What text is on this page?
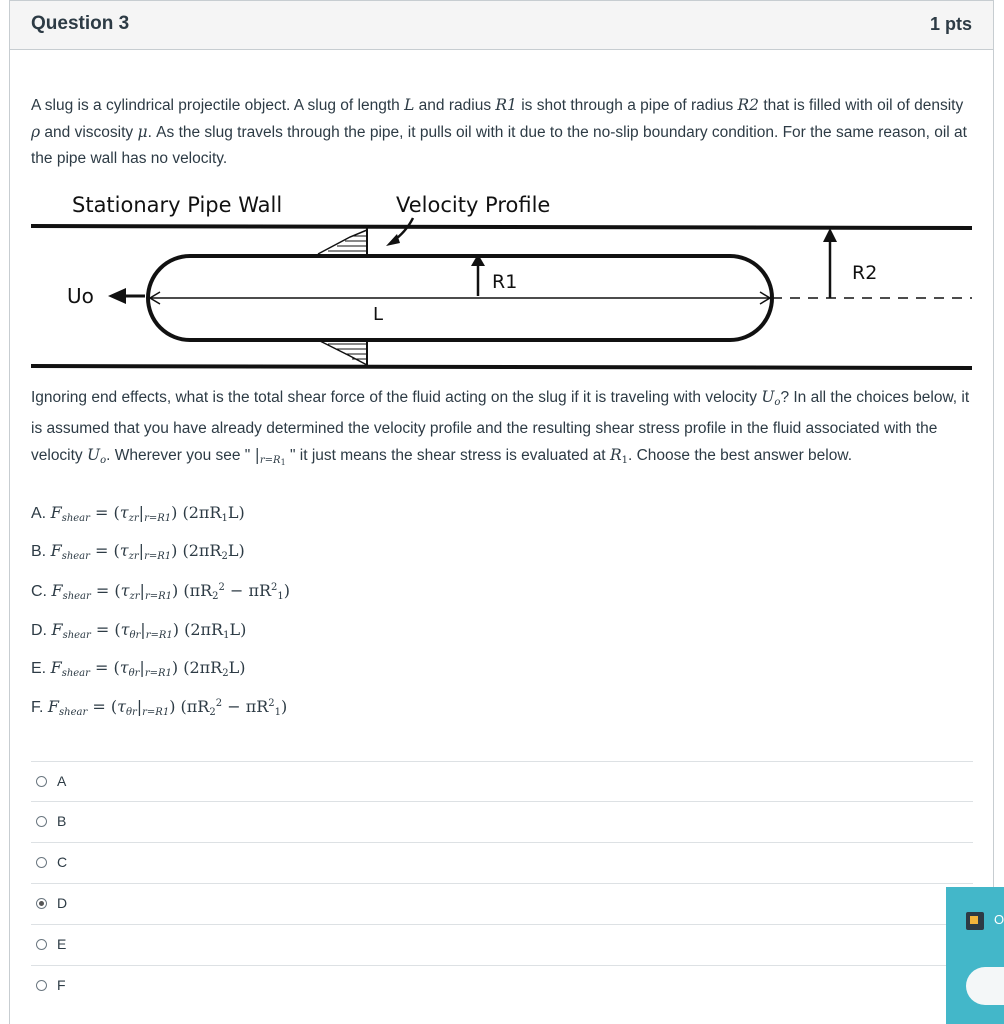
Question 3	1 pts
A slug is a cylindrical projectile object. A slug of length L and radius R1 is shot through a pipe of radius R2 that is filled with oil of density ρ and viscosity μ. As the slug travels through the pipe, it pulls oil with it due to the no-slip boundary condition. For the same reason, oil at the pipe wall has no velocity.
Stationary Pipe Wall	Velocity Profile
Uo
R1	R2
L
Ignoring end effects, what is the total shear force of the fluid acting on the slug if it is traveling with velocity $U_o$? In all the choices below, it is assumed that you have already determined the velocity profile and the resulting shear stress profile in the fluid associated with the velocity $U_o$. Wherever you see " $|_{r=R1}$ " it just means the shear stress is evaluated at $R_1$. Choose the best answer below.
A. $F_{shear} = (\tau_{zr}|_{r=R1})$ $(2\pi R_1L)$
B. $F_{shear} = (\tau_{zr}|_{r=R1})$ $(2\pi R_2L)$
C. $F_{shear} = (\tau_{zr}|_{r=R1}) (\pi R_2^2 - \pi R^2_1)$
D. $F_{shear} = (\tau_{\theta r}|_{r=R1})$ $(2\pi R_1L)$
E. $F_{shear} = (\tau_{\theta r}|_{r=R1})$ $(2\pi R_2L)$
F. $F_{shear} = (\tau_{\theta r}|_{r=R1}) (\pi R_2^2 - \pi R^2_1)$
A
B
C
D
E
F
O
